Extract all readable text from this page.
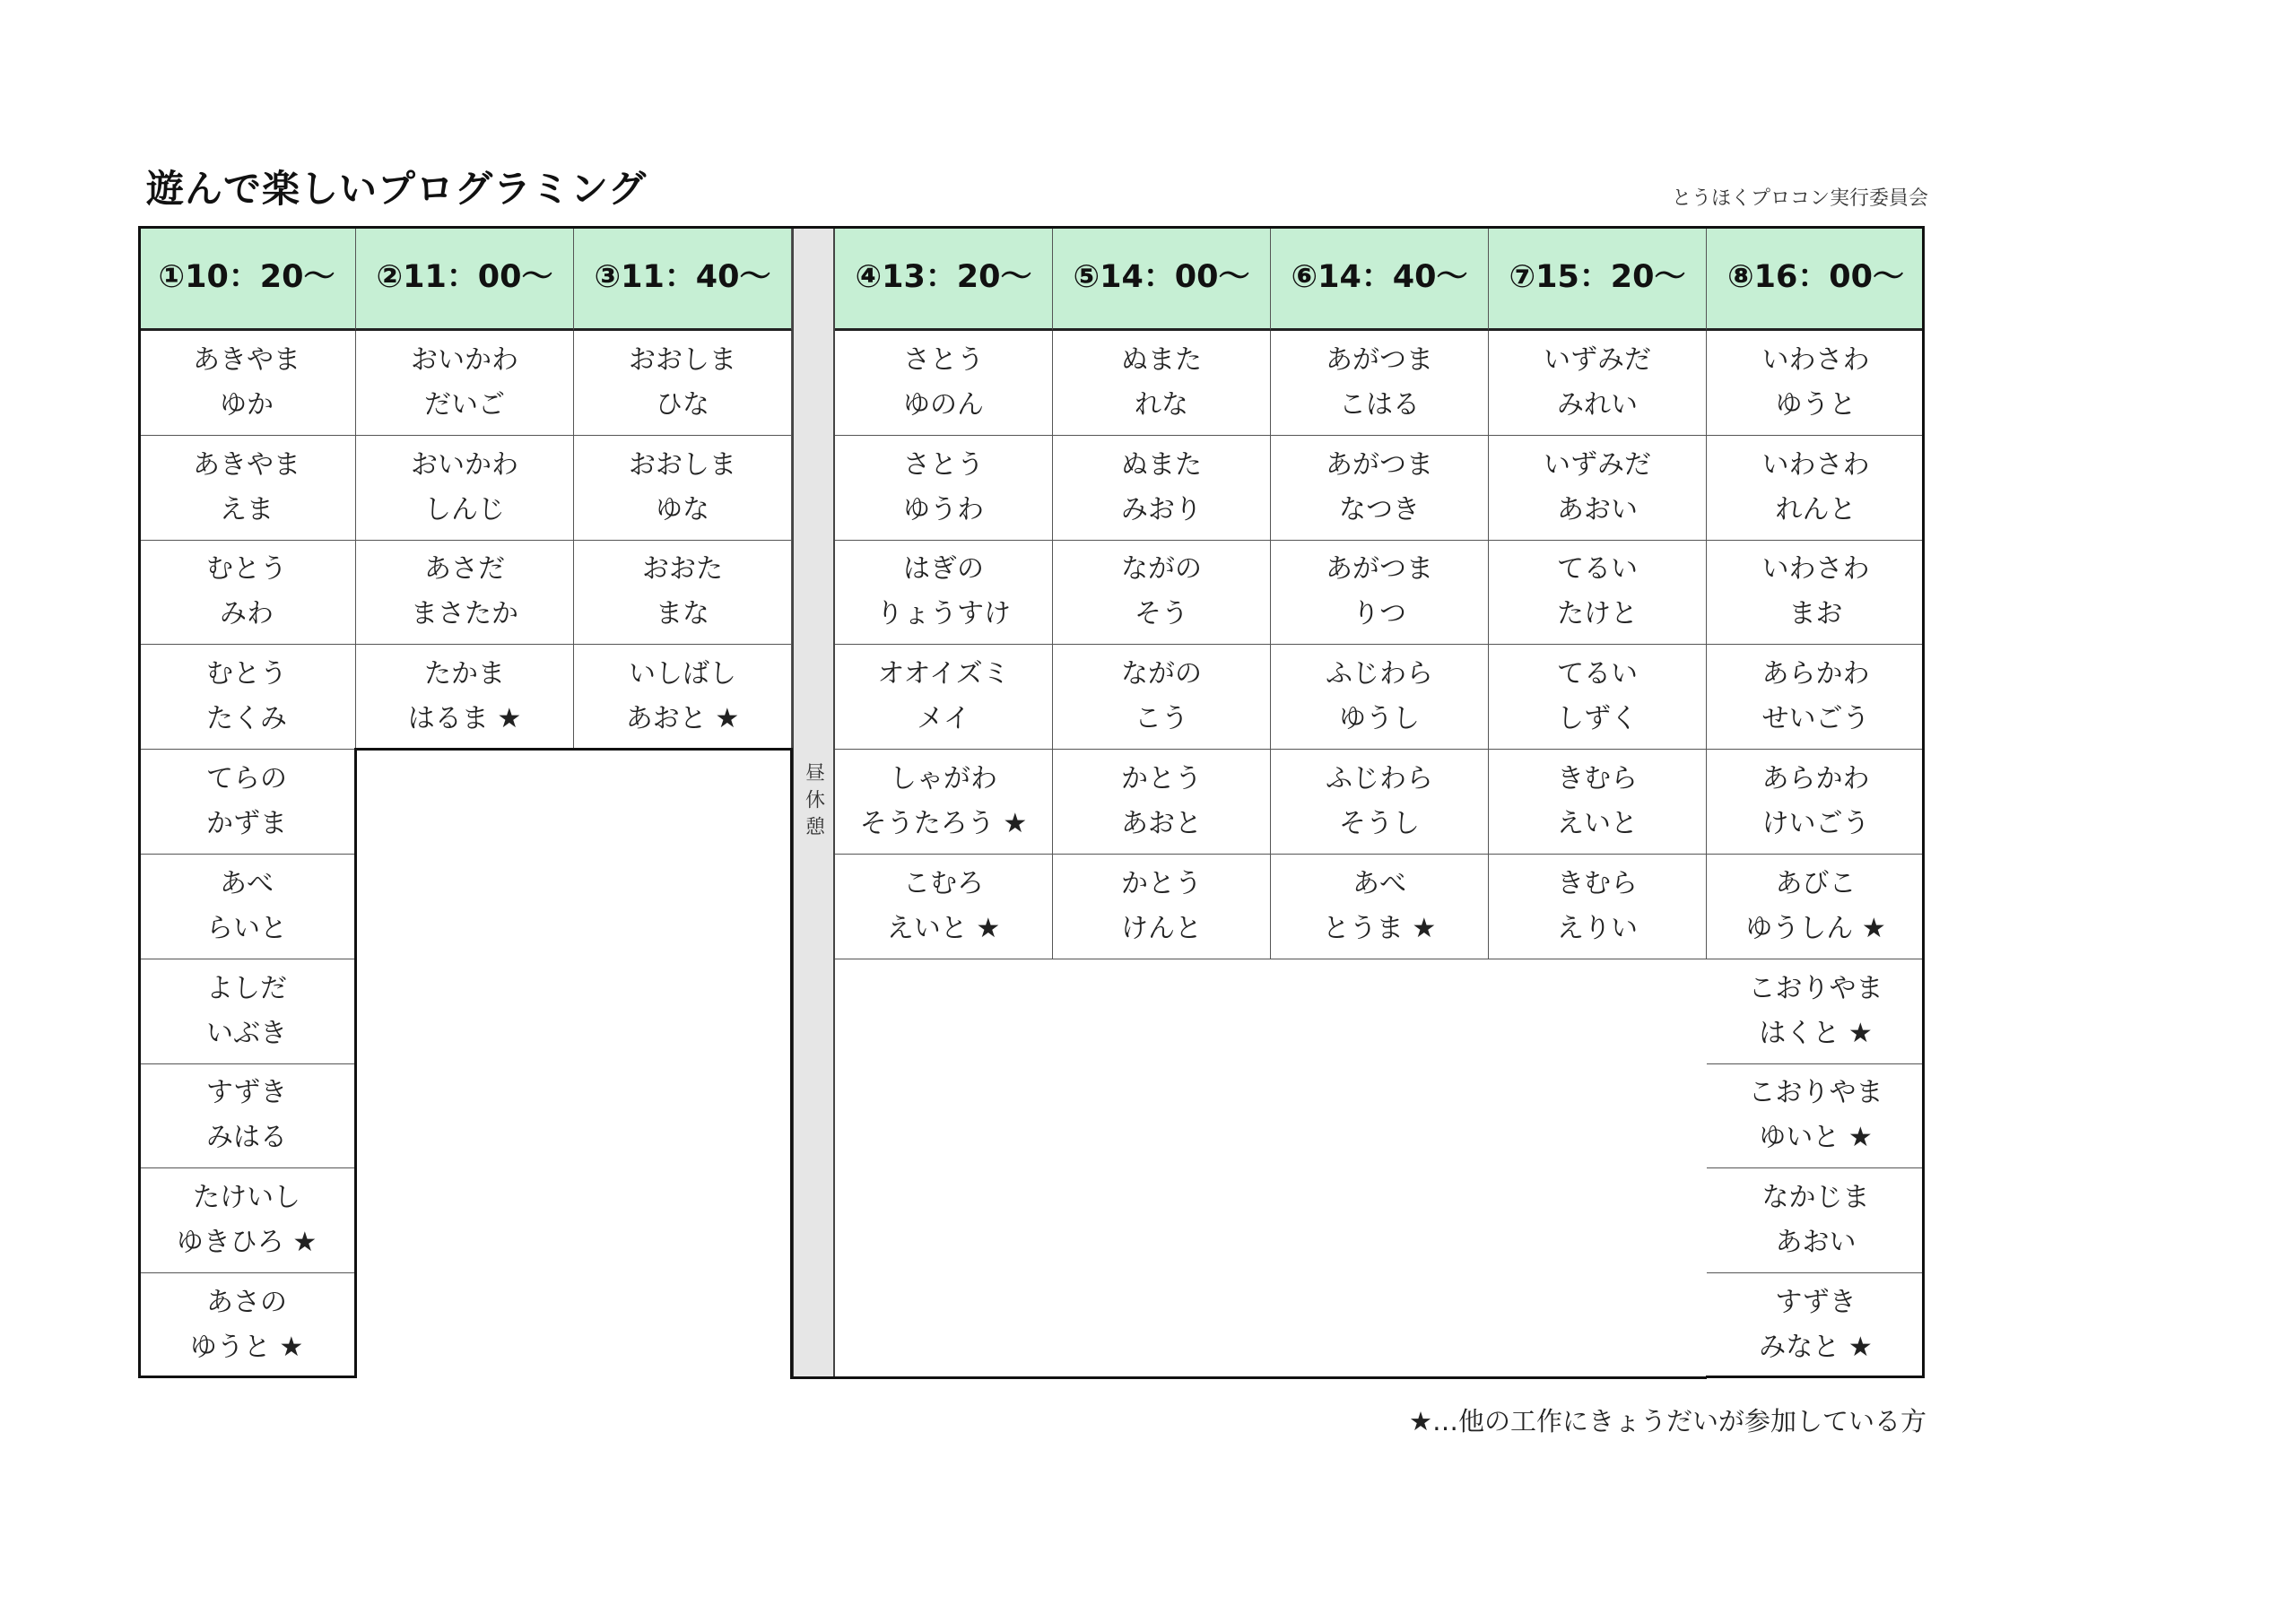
遊んで楽しいプログラミング	とうほくプロコン実行委員会
①10：20～
あきやま
ゆか
あきやま
えま
むとう
みわ
むとう
たくみ
てらの
かずま
あべ
らいと
よしだ
いぶき
すずき
みはる
たけいし
ゆきひろ ★
あさの
ゆうと ★
②11：00～
おいかわ
だいご
おいかわ
しんじ
あさだ
まさたか
たかま
はるま ★
③11：40～
おおしま
ひな
おおしま
ゆな
おおた
まな
いしばし
あおと ★
④13：20～
さとう
ゆのん
さとう
ゆうわ
はぎの
りょうすけ
オオイズミ
メイ
しゃがわ
そうたろう ★
こむろ
えいと ★
⑤14：00～
ぬまた
れな
ぬまた
みおり
ながの
そう
ながの
こう
かとう
あおと
かとう
けんと
⑥14：40～
あがつま
こはる
あがつま
なつき
あがつま
りつ
ふじわら
ゆうし
ふじわら
そうし
あべ
とうま ★
⑦15：20～
いずみだ
みれい
いずみだ
あおい
てるい
たけと
てるい
しずく
きむら
えいと
きむら
えりい
⑧16：00～
いわさわ
ゆうと
いわさわ
れんと
いわさわ
まお
あらかわ
せいごう
あらかわ
けいごう
あびこ
ゆうしん ★
こおりやま
はくと ★
こおりやま
ゆいと ★
なかじま
あおい
すずき
みなと ★
昼休憩
★…他の工作にきょうだいが参加している方
